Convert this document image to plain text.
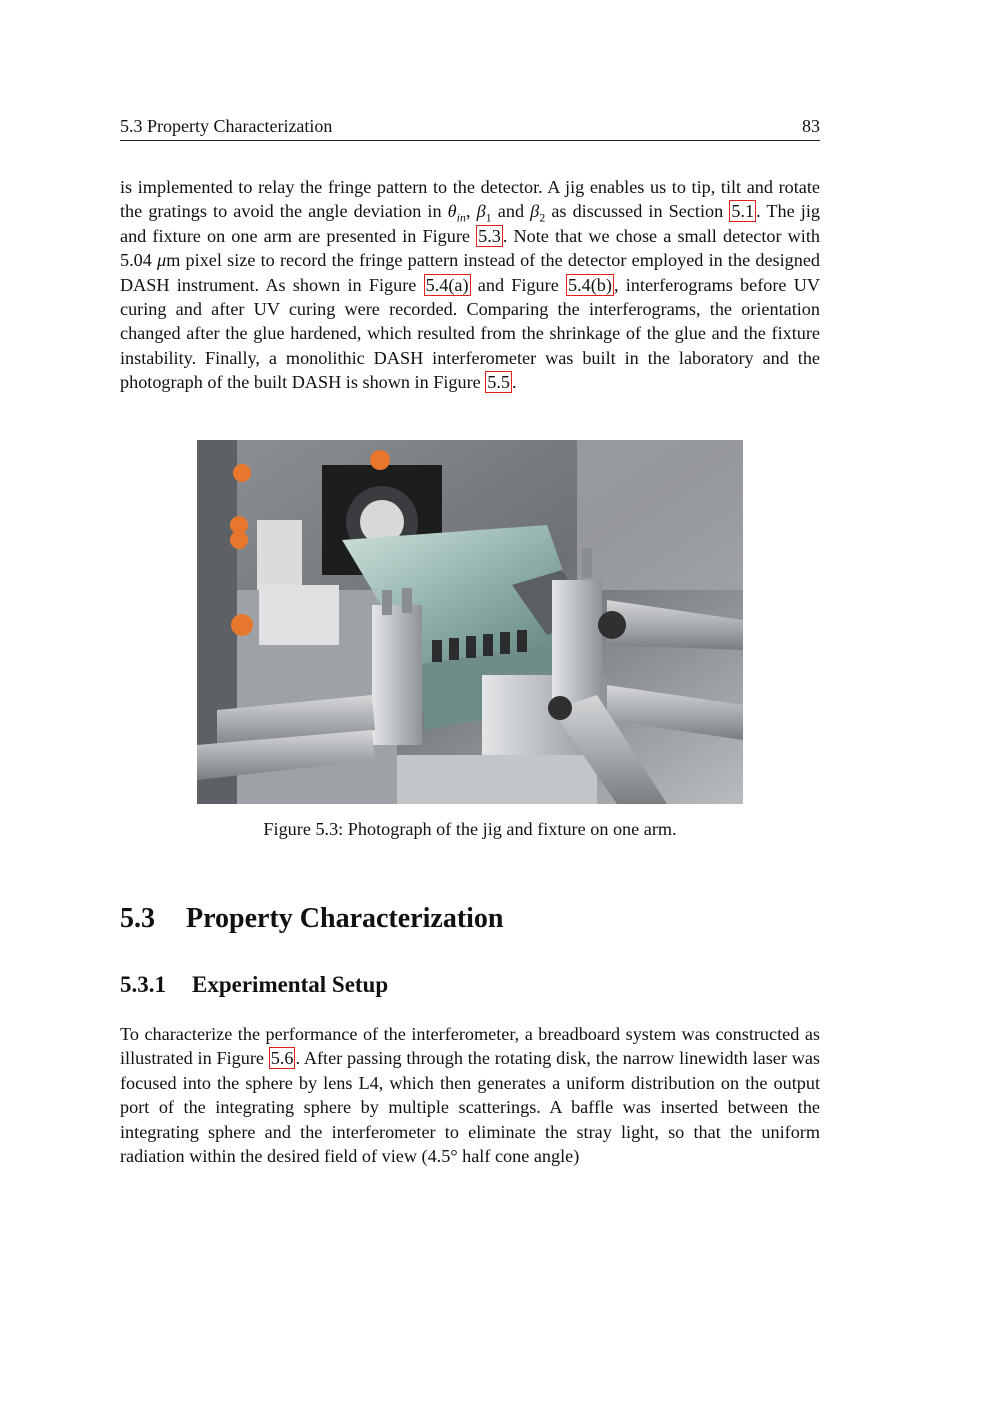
5.3 Property Characterization	83

is implemented to relay the fringe pattern to the detector. A jig enables us to tip, tilt and rotate the gratings to avoid the angle deviation in $\theta_{in}$, $\beta_1$ and $\beta_2$ as discussed in Section 5.1 . The jig and fixture on one arm are presented in Figure 5.3 . Note that we chose a small detector with 5.04 μm pixel size to record the fringe pattern instead of the detector employed in the designed DASH instrument. As shown in Figure 5.4(a) and Figure 5.4(b) , interferograms before UV curing and after UV curing were recorded. Comparing the interferograms, the orientation changed after the glue hardened, which resulted from the shrinkage of the glue and the fixture instability. Finally, a monolithic DASH interferometer was built in the laboratory and the photograph of the built DASH is shown in Figure 5.5 .

Figure 5.3: Photograph of the jig and fixture on one arm.
5.3 Property Characterization
5.3.1 Experimental Setup

To characterize the performance of the interferometer, a breadboard system was constructed as illustrated in Figure 5.6 . After passing through the rotating disk, the narrow linewidth laser was focused into the sphere by lens L4, which then generates a uniform distribution on the output port of the integrating sphere by multiple scatterings. A baffle was inserted between the integrating sphere and the interferometer to eliminate the stray light, so that the uniform radiation within the desired field of view (4.5° half cone angle)
